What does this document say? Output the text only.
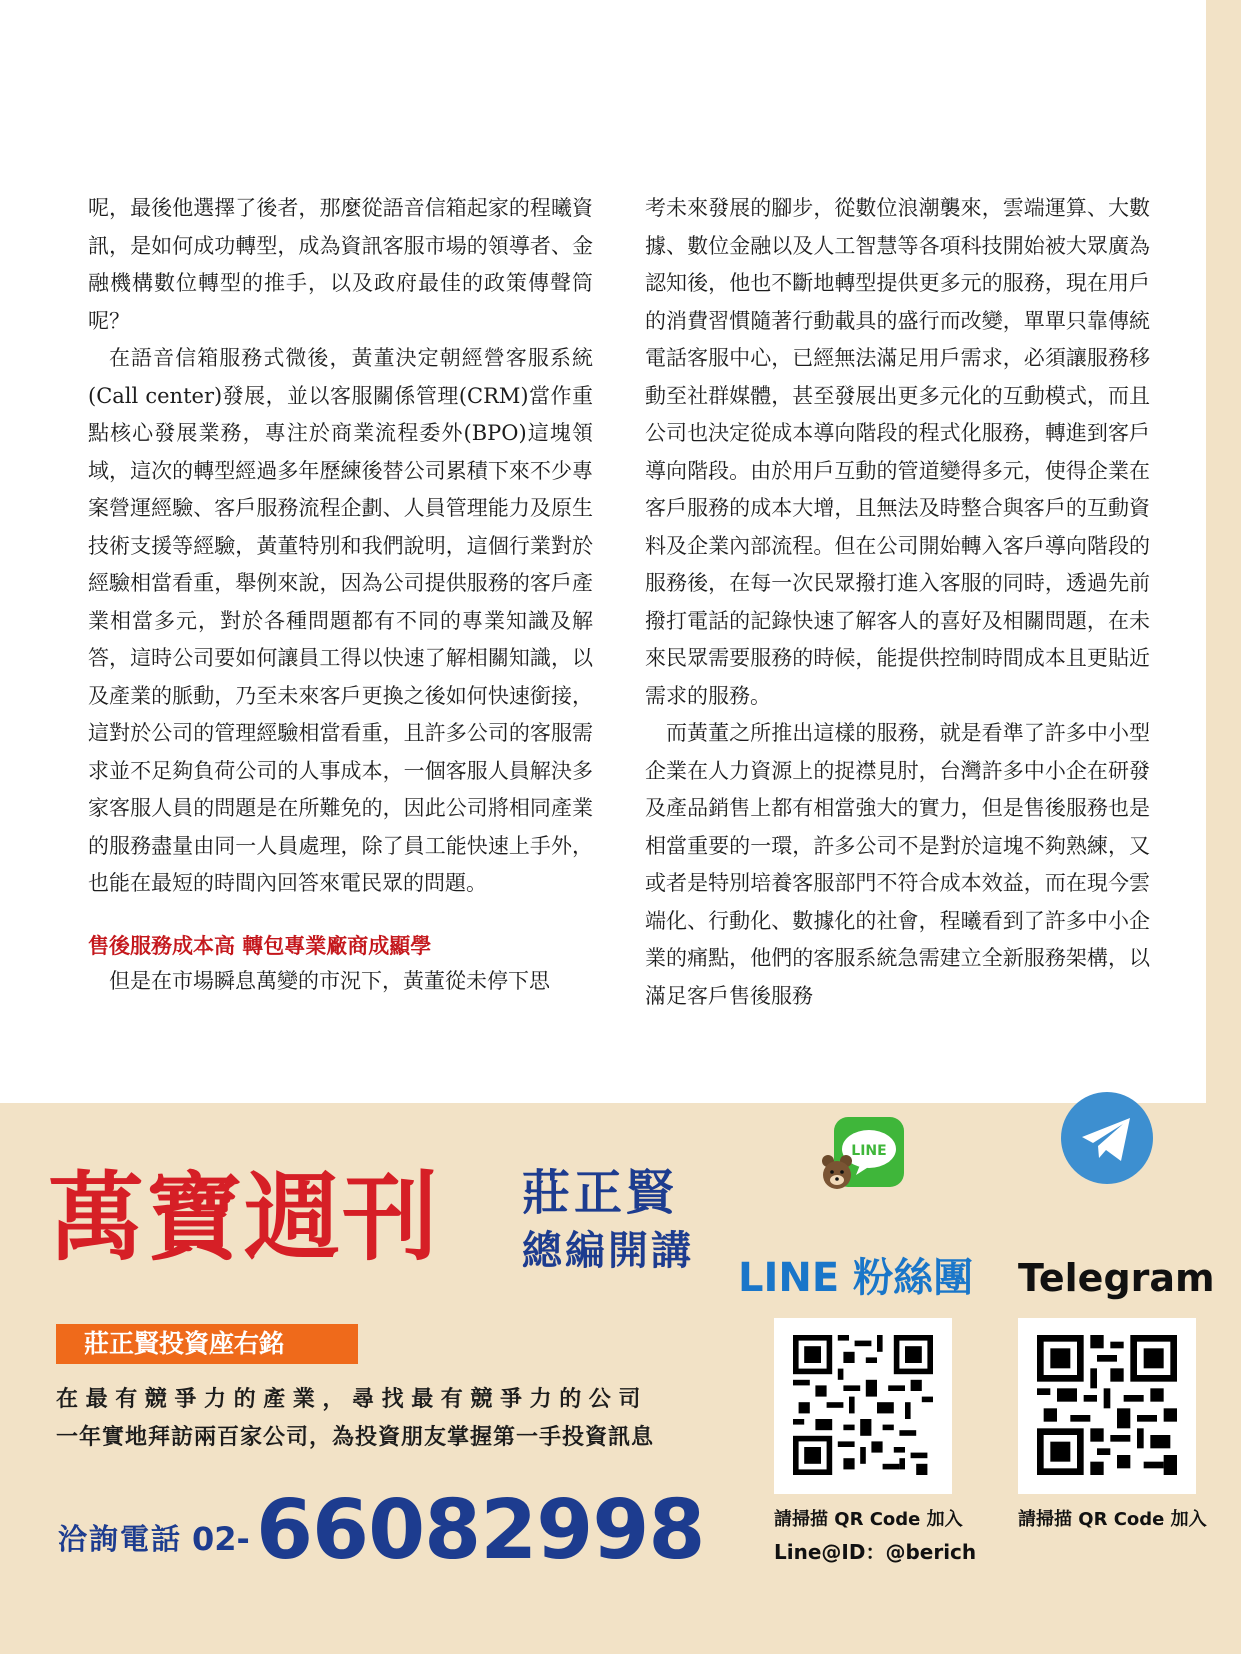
呢，最後他選擇了後者，那麼從語音信箱起家的程曦資訊，是如何成功轉型，成為資訊客服市場的領導者、金融機構數位轉型的推手，以及政府最佳的政策傳聲筒呢？

在語音信箱服務式微後，黃董決定朝經營客服系統(Call center)發展，並以客服關係管理(CRM)當作重點核心發展業務，專注於商業流程委外(BPO)這塊領域，這次的轉型經過多年歷練後替公司累積下來不少專案營運經驗、客戶服務流程企劃、人員管理能力及原生技術支援等經驗，黃董特別和我們說明，這個行業對於經驗相當看重，舉例來說，因為公司提供服務的客戶產業相當多元，對於各種問題都有不同的專業知識及解答，這時公司要如何讓員工得以快速了解相關知識，以及產業的脈動，乃至未來客戶更換之後如何快速銜接，這對於公司的管理經驗相當看重，且許多公司的客服需求並不足夠負荷公司的人事成本，一個客服人員解決多家客服人員的問題是在所難免的，因此公司將相同產業的服務盡量由同一人員處理，除了員工能快速上手外，也能在最短的時間內回答來電民眾的問題。

售後服務成本高 轉包專業廠商成顯學

但是在市場瞬息萬變的市況下，黃董從未停下思

考未來發展的腳步，從數位浪潮襲來，雲端運算、大數據、數位金融以及人工智慧等各項科技開始被大眾廣為認知後，他也不斷地轉型提供更多元的服務，現在用戶的消費習慣隨著行動載具的盛行而改變，單單只靠傳統電話客服中心，已經無法滿足用戶需求，必須讓服務移動至社群媒體，甚至發展出更多元化的互動模式，而且公司也決定從成本導向階段的程式化服務，轉進到客戶導向階段。由於用戶互動的管道變得多元，使得企業在客戶服務的成本大增，且無法及時整合與客戶的互動資料及企業內部流程。但在公司開始轉入客戶導向階段的服務後，在每一次民眾撥打進入客服的同時，透過先前撥打電話的記錄快速了解客人的喜好及相關問題，在未來民眾需要服務的時候，能提供控制時間成本且更貼近需求的服務。

而黃董之所推出這樣的服務，就是看準了許多中小型企業在人力資源上的捉襟見肘，台灣許多中小企在研發及產品銷售上都有相當強大的實力，但是售後服務也是相當重要的一環，許多公司不是對於這塊不夠熟練，又或者是特別培養客服部門不符合成本效益，而在現今雲端化、行動化、數據化的社會，程曦看到了許多中小企業的痛點，他們的客服系統急需建立全新服務架構，以滿足客戶售後服務

萬寶週刊 莊正賢
總編開講
莊正賢投資座右銘
在最有競爭力的產業，尋找最有競爭力的公司
一年實地拜訪兩百家公司，為投資朋友掌握第一手投資訊息
洽詢電話 02- 66082998
LINE
LINE 粉絲團 Telegram
請掃描 QR Code 加入	請掃描 QR Code 加入
Line@ID：@berich
